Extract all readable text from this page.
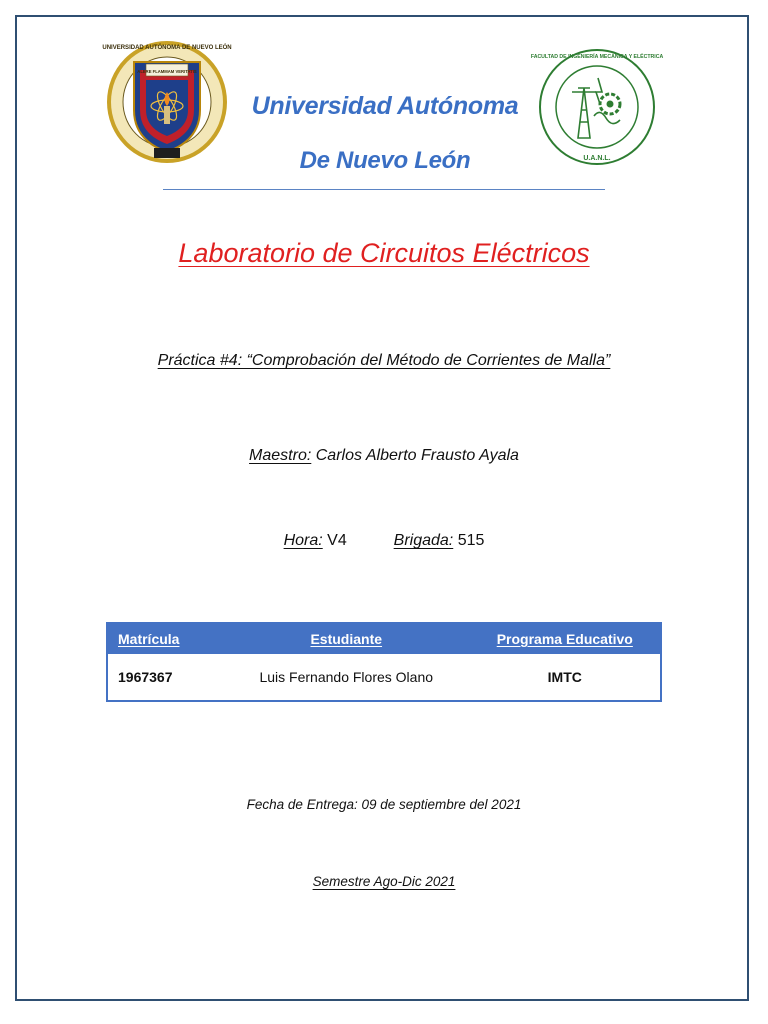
UNIVERSIDAD AUTÓNOMA DE NUEVO LEÓN
ALERE FLAMMAM VERITATIS
FACULTAD DE INGENIERÍA MECÁNICA Y ELÉCTRICA
U.A.N.L.
Universidad Autónoma
De Nuevo León
Laboratorio de Circuitos Eléctricos
Práctica #4: “Comprobación del Método de Corrientes de Malla”
Maestro: Carlos Alberto Frausto Ayala
Hora: V4	Brigada: 515
Matrícula	Estudiante	Programa Educativo
1967367	Luis Fernando Flores Olano	IMTC
Fecha de Entrega: 09 de septiembre del 2021
Semestre Ago-Dic 2021
